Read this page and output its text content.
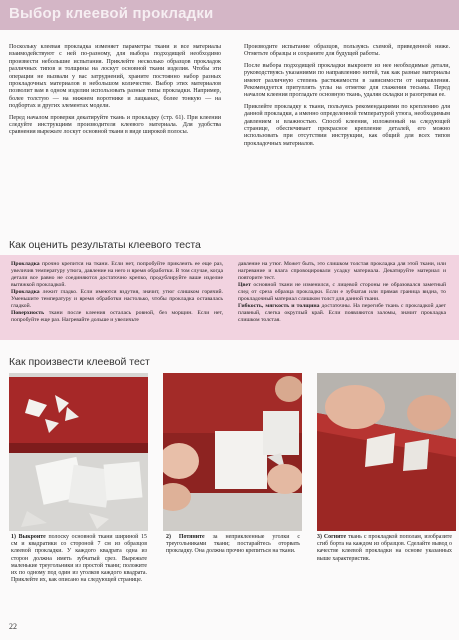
Выбор клеевой прокладки

Поскольку клеевая прокладка изменяет параметры ткани и все материалы взаимодействуют с ней по-разному, для выбора подходящей необходимо произвести небольшие испытания. Приклейте несколько образцов прокладок различных типов и толщины на лоскут основной ткани изделия. Чтобы эти операции не вызвали у вас затруднений, храните постоянно набор разных прокладочных материалов в небольшом количестве. Выбор этих материалов позволит вам в одном изделии использовать разные типы прокладки. Например, более толстую — на нижнем воротнике и лацканах, более тонкую — на подбортах и других элементах модели.

Перед началом проверки декатируйте ткань и прокладку (стр. 61). При клеении следуйте инструкциям производителя клеевого материала. Для удобства сравнения вырежьте лоскут основной ткани в виде широкой полосы.

Производите испытание образцов, пользуясь схемой, приведенной ниже. Отметьте образцы и сохраните для будущей работы.

После выбора подходящей прокладки выкроите из нее необходимые детали, руководствуясь указаниями по направлению нитей, так как разные материалы имеют различную степень растяжимости в зависимости от направления. Рекомендуется притуплять углы на отметке для глажения тесьмы. Перед началом клеения прогладьте основную ткань, удаляя складки и разогревая ее.

Приклейте прокладку к ткани, пользуясь рекомендациями по креплению для данной прокладки, а именно определенной температурой утюга, необходимым давлением и влажностью. Способ клеения, изложенный на следующей странице, обеспечивает прекрасное крепление деталей, его можно использовать при отсутствии инструкции, как общий для всех типов прокладочных материалов.

Как оценить результаты клеевого теста

Прокладка прочно крепится на ткани. Если нет, попробуйте приклеить ее еще раз, увеличив температуру утюга, давление на него и время обработки. В том случае, когда детали все равно не соединяются достаточно крепко, продублируйте ваше изделие вытяжкой прокладкой.

Прокладка лежит гладко. Если имеются вздутия, значит, утюг слишком горячий. Уменьшите температуру и время обработки настолько, чтобы прокладка оставалась гладкой.

Поверхность ткани после клеения осталась ровной, без морщин. Если нет, попробуйте еще раз. Нагревайте дольше и увеличьте

давление на утюг. Может быть, это слишком толстая прокладка для этой ткани, или нагревание и влага спровоцировали усадку материала. Декатируйте материал и повторите тест.

Цвет основной ткани не изменился, с лицевой стороны не образовался заметный след от среза образца прокладки. Если е зубчатая или прямая граница видна, то прокладочный материал слишком толст для данной ткани.

Гибкость, мягкость и толщина достаточны. На перегибе ткань с прокладкой дает плавный, слегка округлый край. Если появляются заломы, значит прокладка слишком толстая.

Как произвести клеевой тест

1) Выкроите полоску основной ткани шириной 15 см и квадратики со стороной 7 см из образцов клеевой прокладки. У каждого квадрата одна из сторон должна иметь зубчатый срез. Вырежьте маленькие треугольники из простой ткани; положите их по одному под один из уголков каждого квадрата. Приклейте их, как описано на следующей странице.

2) Потяните за неприклеенные уголки с треугольниками ткани; постарайтесь оторвать прокладку. Она должна прочно крепиться на ткани.

3) Согните ткань с прокладкой пополам, изобразите сгиб борта на каждом из образцов. Сделайте вывод о качестве клеевой прокладки на основе указанных выше характеристик.

22
